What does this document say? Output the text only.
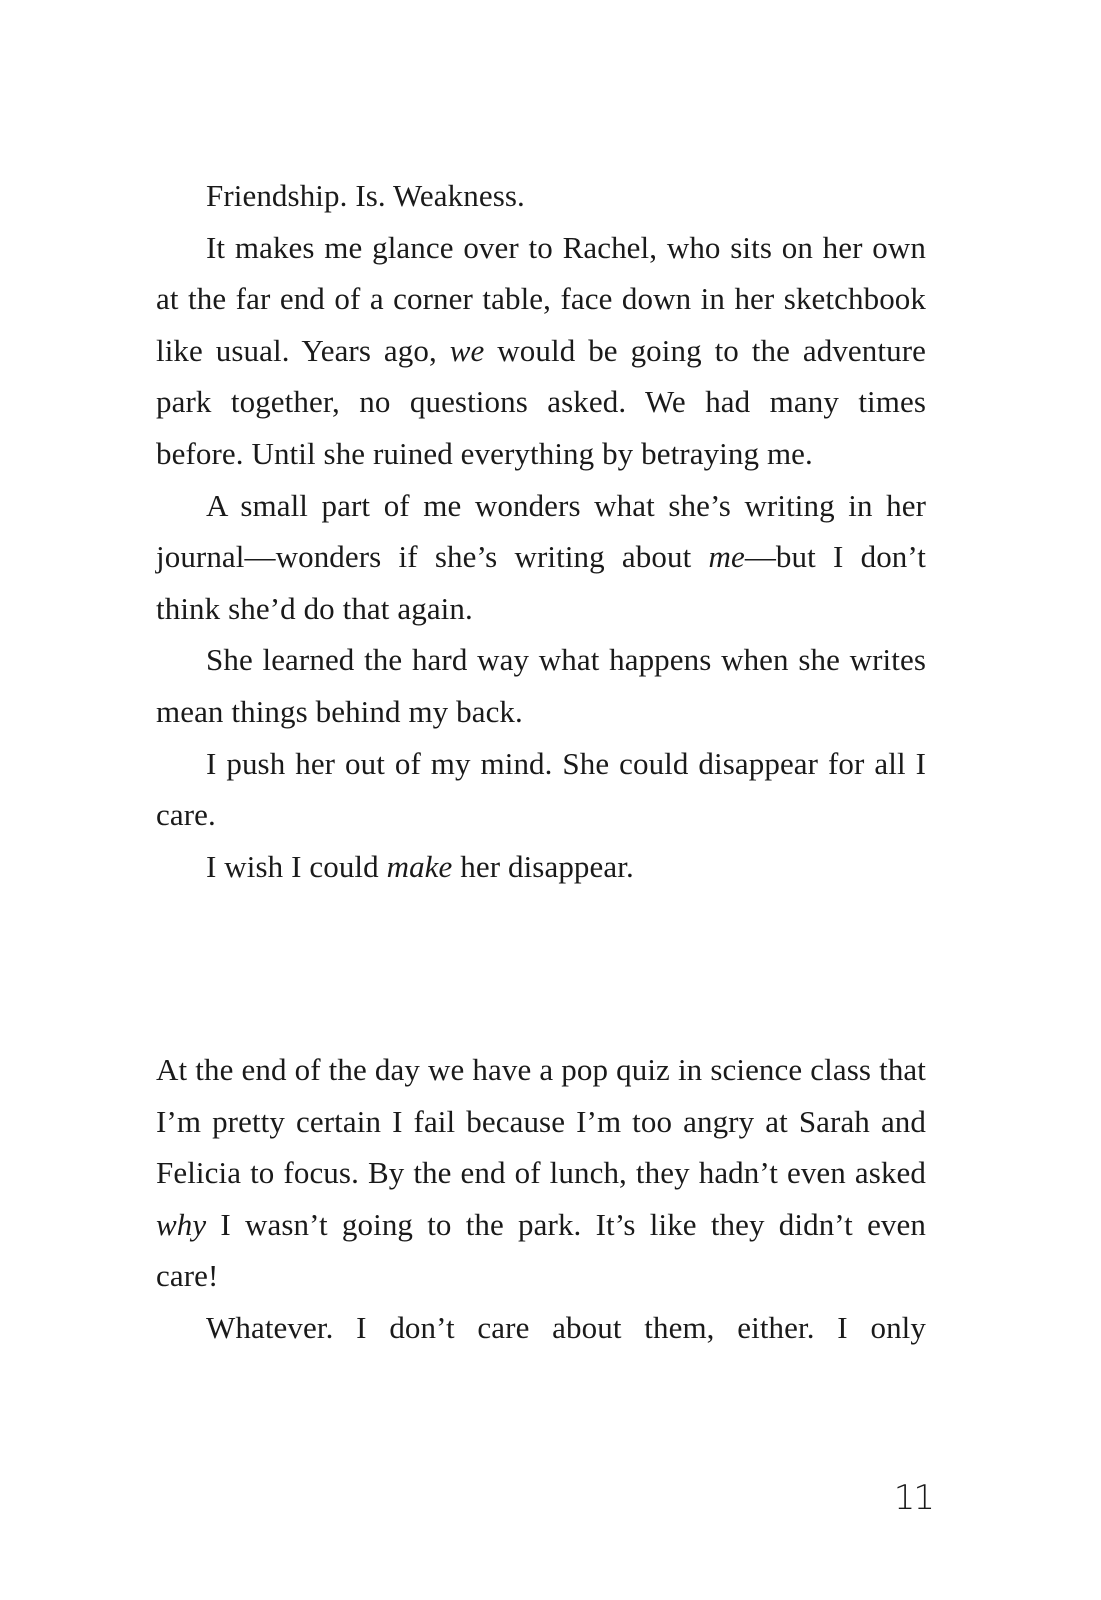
Friendship. Is. Weakness.

It makes me glance over to Rachel, who sits on her own at the far end of a corner table, face down in her sketchbook like usual. Years ago, we would be going to the adventure park together, no questions asked. We had many times before. Until she ruined everything by betraying me.

A small part of me wonders what she’s writing in her journal—wonders if she’s writing about me—but I don’t think she’d do that again.

She learned the hard way what happens when she writes mean things behind my back.

I push her out of my mind. She could disappear for all I care.

I wish I could make her disappear.

At the end of the day we have a pop quiz in science class that I’m pretty certain I fail because I’m too angry at Sarah and Felicia to focus. By the end of lunch, they hadn’t even asked why I wasn’t going to the park. It’s like they didn’t even care!

Whatever. I don’t care about them, either. I only

11
